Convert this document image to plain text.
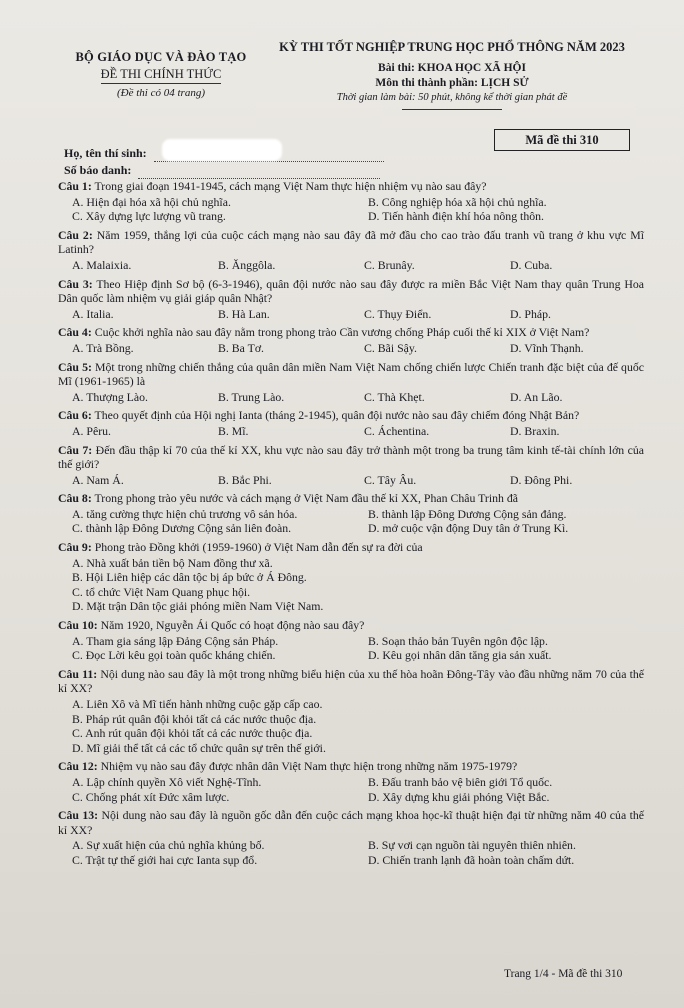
BỘ GIÁO DỤC VÀ ĐÀO TẠO
ĐỀ THI CHÍNH THỨC
(Đề thi có 04 trang)
KỲ THI TỐT NGHIỆP TRUNG HỌC PHỔ THÔNG NĂM 2023
Bài thi: KHOA HỌC XÃ HỘI
Môn thi thành phần: LỊCH SỬ
Thời gian làm bài: 50 phút, không kể thời gian phát đề
Họ, tên thí sinh:
Số báo danh:
Mã đề thi 310

Câu 1: Trong giai đoạn 1941-1945, cách mạng Việt Nam thực hiện nhiệm vụ nào sau đây?

A. Hiện đại hóa xã hội chủ nghĩa.	B. Công nghiệp hóa xã hội chủ nghĩa.
C. Xây dựng lực lượng vũ trang.	D. Tiến hành điện khí hóa nông thôn.

Câu 2: Năm 1959, thắng lợi của cuộc cách mạng nào sau đây đã mở đầu cho cao trào đấu tranh vũ trang ở khu vực Mĩ Latinh?

A. Malaixia.	B. Ănggôla.	C. Brunây.	D. Cuba.

Câu 3: Theo Hiệp định Sơ bộ (6-3-1946), quân đội nước nào sau đây được ra miền Bắc Việt Nam thay quân Trung Hoa Dân quốc làm nhiệm vụ giải giáp quân Nhật?

A. Italia.	B. Hà Lan.	C. Thụy Điển.	D. Pháp.

Câu 4: Cuộc khởi nghĩa nào sau đây nằm trong phong trào Cần vương chống Pháp cuối thế kỉ XIX ở Việt Nam?

A. Trà Bồng.	B. Ba Tơ.	C. Bãi Sậy.	D. Vĩnh Thạnh.

Câu 5: Một trong những chiến thắng của quân dân miền Nam Việt Nam chống chiến lược Chiến tranh đặc biệt của đế quốc Mĩ (1961-1965) là

A. Thượng Lào.	B. Trung Lào.	C. Thà Khẹt.	D. An Lão.

Câu 6: Theo quyết định của Hội nghị Ianta (tháng 2-1945), quân đội nước nào sau đây chiếm đóng Nhật Bản?

A. Pêru.	B. Mĩ.	C. Áchentina.	D. Braxin.

Câu 7: Đến đầu thập kỉ 70 của thế kỉ XX, khu vực nào sau đây trở thành một trong ba trung tâm kinh tế-tài chính lớn của thế giới?

A. Nam Á.	B. Bắc Phi.	C. Tây Âu.	D. Đông Phi.

Câu 8: Trong phong trào yêu nước và cách mạng ở Việt Nam đầu thế kỉ XX, Phan Châu Trinh đã

A. tăng cường thực hiện chủ trương vô sản hóa.	B. thành lập Đông Dương Cộng sản đảng.
C. thành lập Đông Dương Cộng sản liên đoàn.	D. mở cuộc vận động Duy tân ở Trung Kì.

Câu 9: Phong trào Đồng khởi (1959-1960) ở Việt Nam dẫn đến sự ra đời của

A. Nhà xuất bản tiền bộ Nam đồng thư xã.
B. Hội Liên hiệp các dân tộc bị áp bức ở Á Đông.
C. tổ chức Việt Nam Quang phục hội.
D. Mặt trận Dân tộc giải phóng miền Nam Việt Nam.

Câu 10: Năm 1920, Nguyễn Ái Quốc có hoạt động nào sau đây?

A. Tham gia sáng lập Đảng Cộng sản Pháp.	B. Soạn thảo bản Tuyên ngôn độc lập.
C. Đọc Lời kêu gọi toàn quốc kháng chiến.	D. Kêu gọi nhân dân tăng gia sản xuất.

Câu 11: Nội dung nào sau đây là một trong những biểu hiện của xu thế hòa hoãn Đông-Tây vào đầu những năm 70 của thế kỉ XX?

A. Liên Xô và Mĩ tiến hành những cuộc gặp cấp cao.
B. Pháp rút quân đội khỏi tất cả các nước thuộc địa.
C. Anh rút quân đội khỏi tất cả các nước thuộc địa.
D. Mĩ giải thể tất cả các tổ chức quân sự trên thế giới.

Câu 12: Nhiệm vụ nào sau đây được nhân dân Việt Nam thực hiện trong những năm 1975-1979?

A. Lập chính quyền Xô viết Nghệ-Tĩnh.	B. Đấu tranh bảo vệ biên giới Tổ quốc.
C. Chống phát xít Đức xâm lược.	D. Xây dựng khu giải phóng Việt Bắc.

Câu 13: Nội dung nào sau đây là nguồn gốc dẫn đến cuộc cách mạng khoa học-kĩ thuật hiện đại từ những năm 40 của thế kỉ XX?

A. Sự xuất hiện của chủ nghĩa khủng bố.	B. Sự vơi cạn nguồn tài nguyên thiên nhiên.
C. Trật tự thế giới hai cực Ianta sụp đổ.	D. Chiến tranh lạnh đã hoàn toàn chấm dứt.
Trang 1/4 - Mã đề thi 310
